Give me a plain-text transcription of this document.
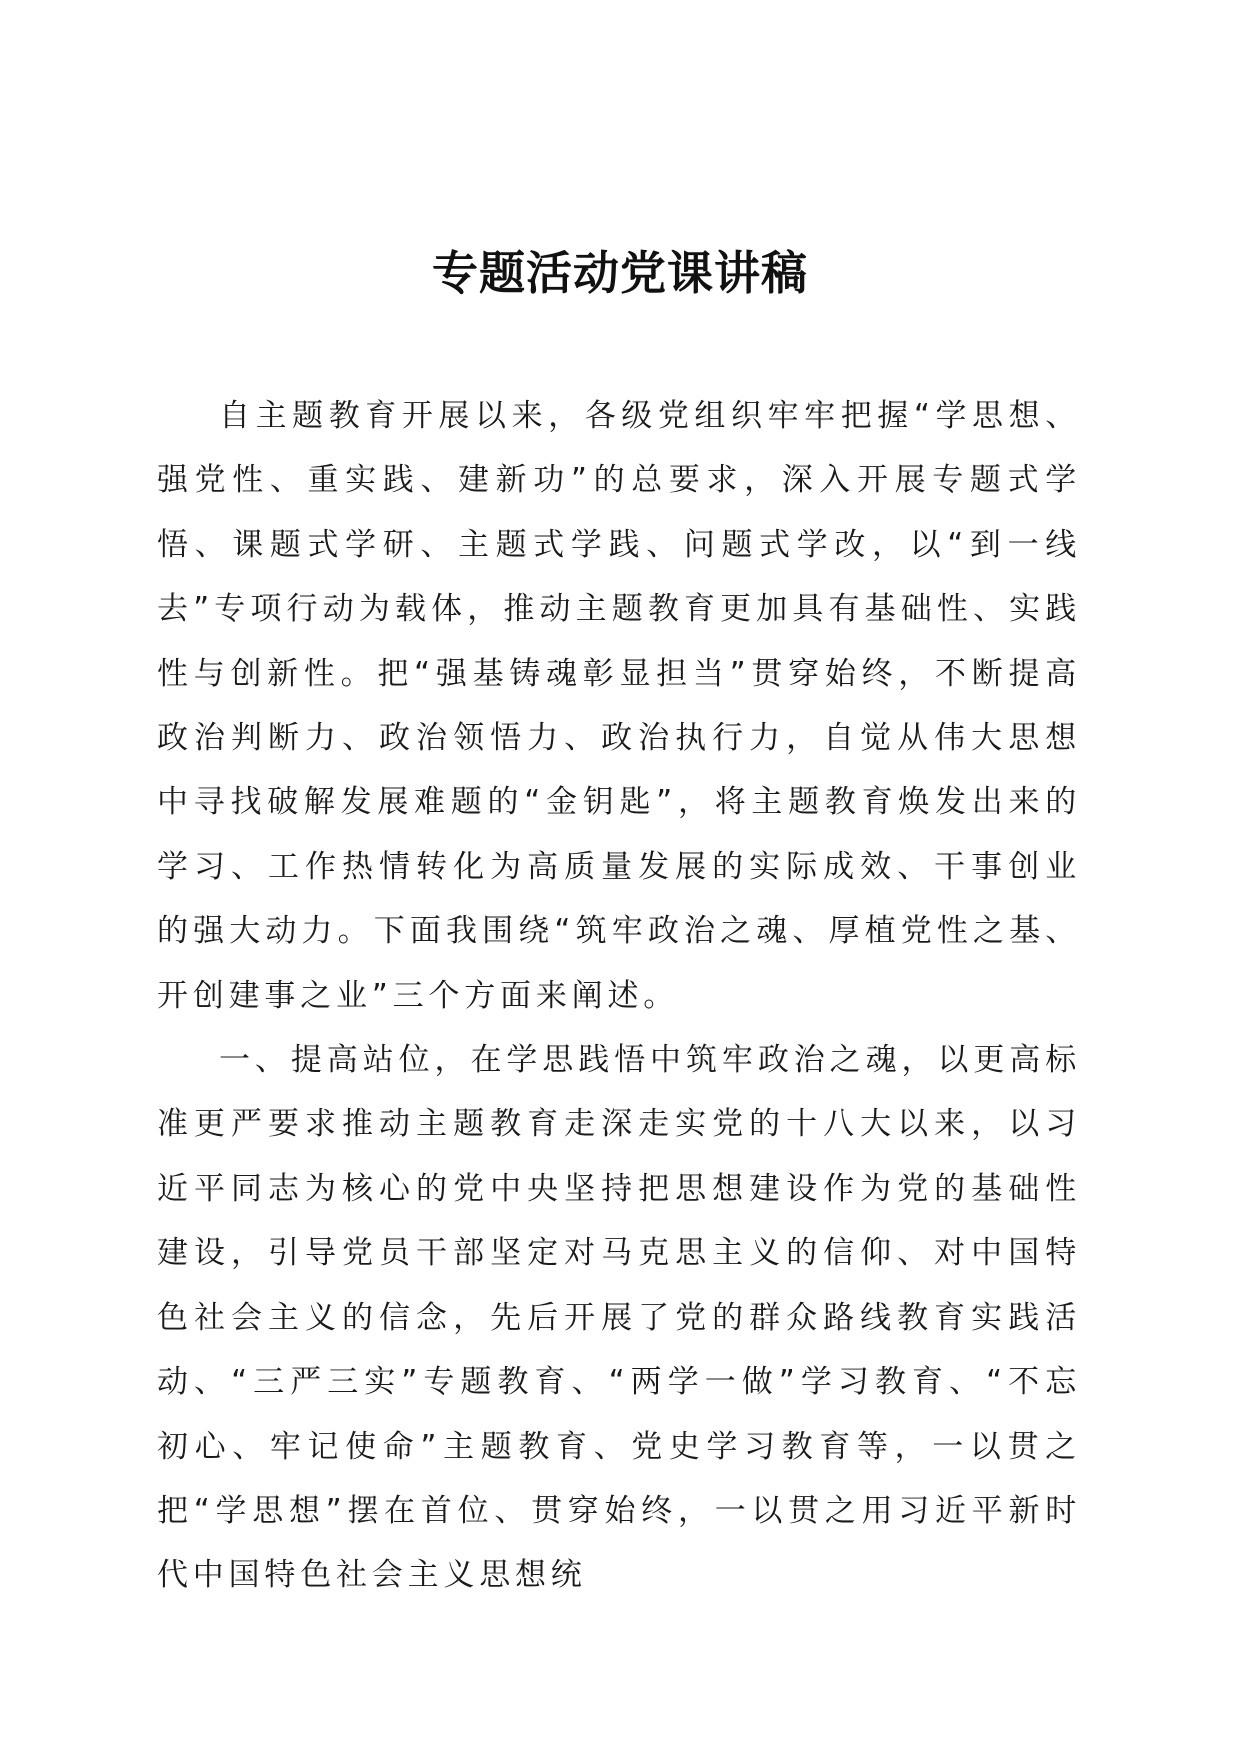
专题活动党课讲稿

自主题教育开展以来，各级党组织牢牢把握“学思想、强党性、重实践、建新功”的总要求，深入开展专题式学悟、课题式学研、主题式学践、问题式学改，以“到一线去”专项行动为载体，推动主题教育更加具有基础性、实践性与创新性。把“强基铸魂彰显担当”贯穿始终，不断提高政治判断力、政治领悟力、政治执行力，自觉从伟大思想中寻找破解发展难题的“金钥匙”，将主题教育焕发出来的学习、工作热情转化为高质量发展的实际成效、干事创业的强大动力。下面我围绕“筑牢政治之魂、厚植党性之基、开创建事之业”三个方面来阐述。

一、提高站位，在学思践悟中筑牢政治之魂，以更高标准更严要求推动主题教育走深走实党的十八大以来，以习近平同志为核心的党中央坚持把思想建设作为党的基础性建设，引导党员干部坚定对马克思主义的信仰、对中国特色社会主义的信念，先后开展了党的群众路线教育实践活动、“三严三实”专题教育、“两学一做”学习教育、“不忘初心、牢记使命”主题教育、党史学习教育等，一以贯之把“学思想”摆在首位、贯穿始终，一以贯之用习近平新时代中国特色社会主义思想统
